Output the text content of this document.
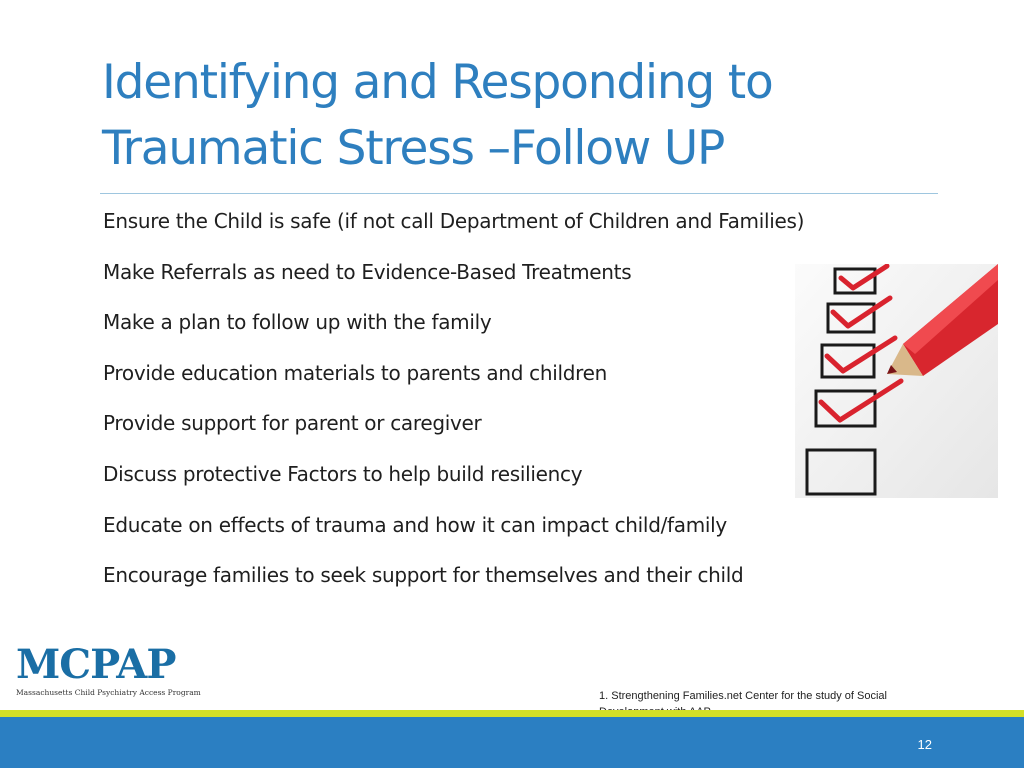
Identifying and Responding to
Traumatic Stress –Follow UP
Ensure the Child is safe (if not call Department of Children and Families)
Make Referrals as need to Evidence-Based Treatments
Make a plan to follow up with the family
Provide education materials to parents and children
Provide support for parent or caregiver
Discuss protective Factors to help build resiliency
Educate on effects of trauma and how it can impact child/family
Encourage families to seek support for themselves and their child
MCPAP
Massachusetts Child Psychiatry Access Program	1. Strengthening Families.net Center for the study of Social
12
